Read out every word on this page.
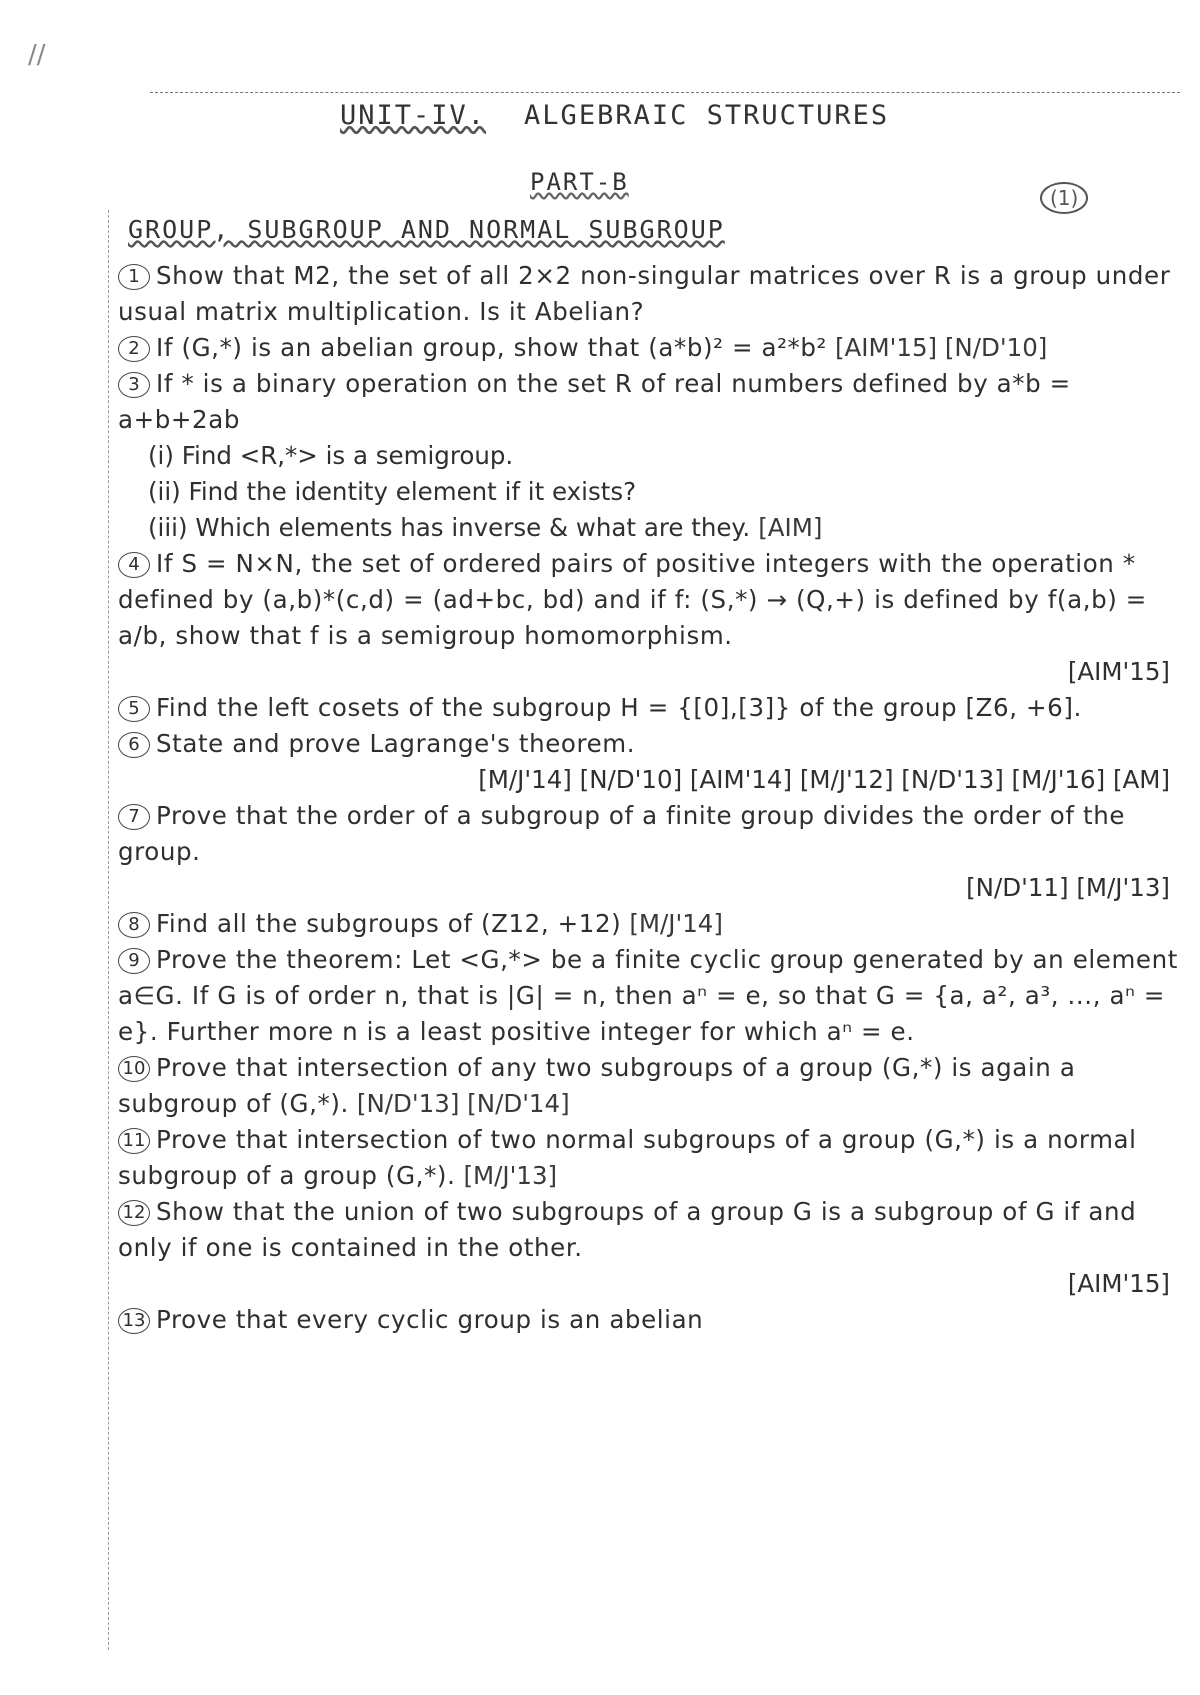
//
UNIT-IV. ALGEBRAIC STRUCTURES
PART-B
(1)
GROUP, SUBGROUP AND NORMAL SUBGROUP
1 Show that M2, the set of all 2×2 non-singular matrices over R is a group under usual matrix multiplication. Is it Abelian?
2 If (G,*) is an abelian group, show that (a*b)² = a²*b² [AIM'15] [N/D'10]
3 If * is a binary operation on the set R of real numbers defined by a*b = a+b+2ab
(i) Find <R,*> is a semigroup.
(ii) Find the identity element if it exists?
(iii) Which elements has inverse & what are they. [AIM]
4 If S = N×N, the set of ordered pairs of positive integers with the operation * defined by (a,b)*(c,d) = (ad+bc, bd) and if f: (S,*) → (Q,+) is defined by f(a,b) = a/b, show that f is a semigroup homomorphism.
[AIM'15]
5 Find the left cosets of the subgroup H = {[0],[3]} of the group [Z6, +6].
6 State and prove Lagrange's theorem.
[M/J'14] [N/D'10] [AIM'14] [M/J'12] [N/D'13] [M/J'16] [AM]
7 Prove that the order of a subgroup of a finite group divides the order of the group.
[N/D'11] [M/J'13]
8 Find all the subgroups of (Z12, +12) [M/J'14]
9 Prove the theorem: Let <G,*> be a finite cyclic group generated by an element a∈G. If G is of order n, that is |G| = n, then aⁿ = e, so that G = {a, a², a³, ..., aⁿ = e}. Further more n is a least positive integer for which aⁿ = e.
10 Prove that intersection of any two subgroups of a group (G,*) is again a subgroup of (G,*). [N/D'13] [N/D'14]
11 Prove that intersection of two normal subgroups of a group (G,*) is a normal subgroup of a group (G,*). [M/J'13]
12 Show that the union of two subgroups of a group G is a subgroup of G if and only if one is contained in the other.
[AIM'15]
13 Prove that every cyclic group is an abelian
